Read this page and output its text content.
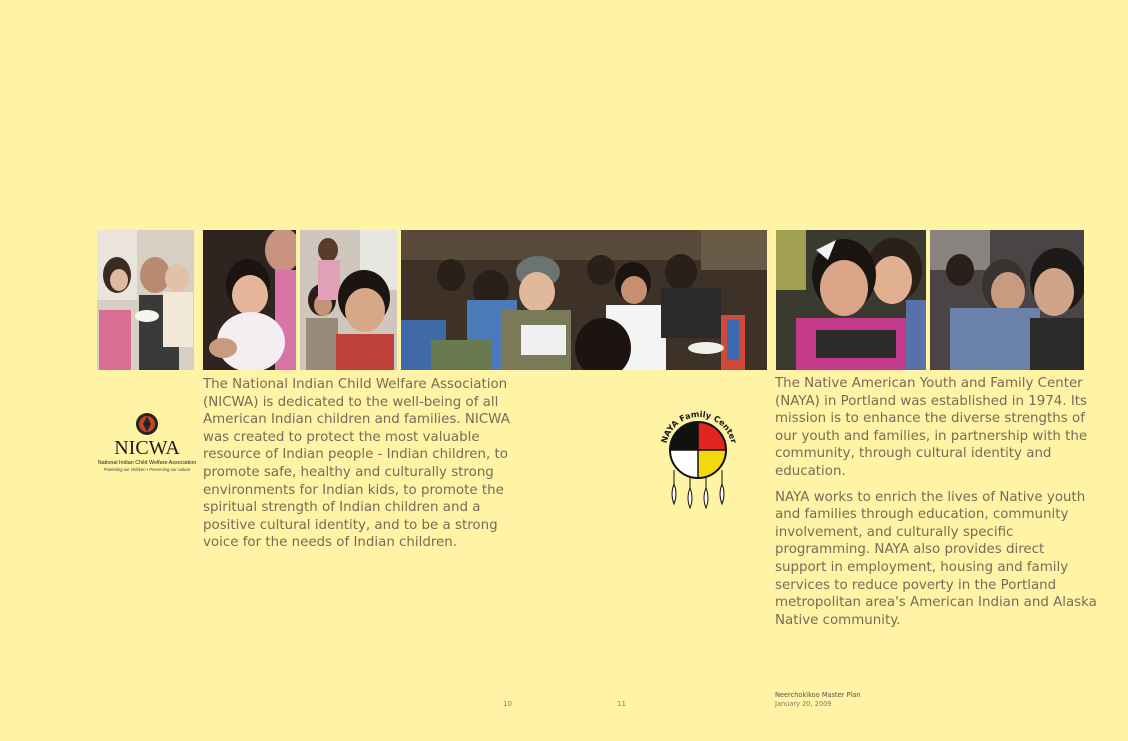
NICWA
National Indian Child Welfare Association
Protecting our children • Preserving our culture

The National Indian Child Welfare Association (NICWA) is dedicated to the well-being of all American Indian children and families. NICWA was created to protect the most valuable resource of Indian people - Indian children, to promote safe, healthy and culturally strong environments for Indian kids, to promote the spiritual strength of Indian children and a positive cultural identity, and to be a strong voice for the needs of Indian children.

NAYA Family Center

The Native American Youth and Family Center (NAYA) in Portland was established in 1974. Its mission is to enhance the diverse strengths of our youth and families, in partnership with the community, through cultural identity and education.

NAYA works to enrich the lives of Native youth and families through education, community involvement, and culturally specific programming. NAYA also provides direct support in employment, housing and family services to reduce poverty in the Portland metropolitan area's American Indian and Alaska Native community.

10	11
Neerchokikoo Master Plan
January 20, 2009
